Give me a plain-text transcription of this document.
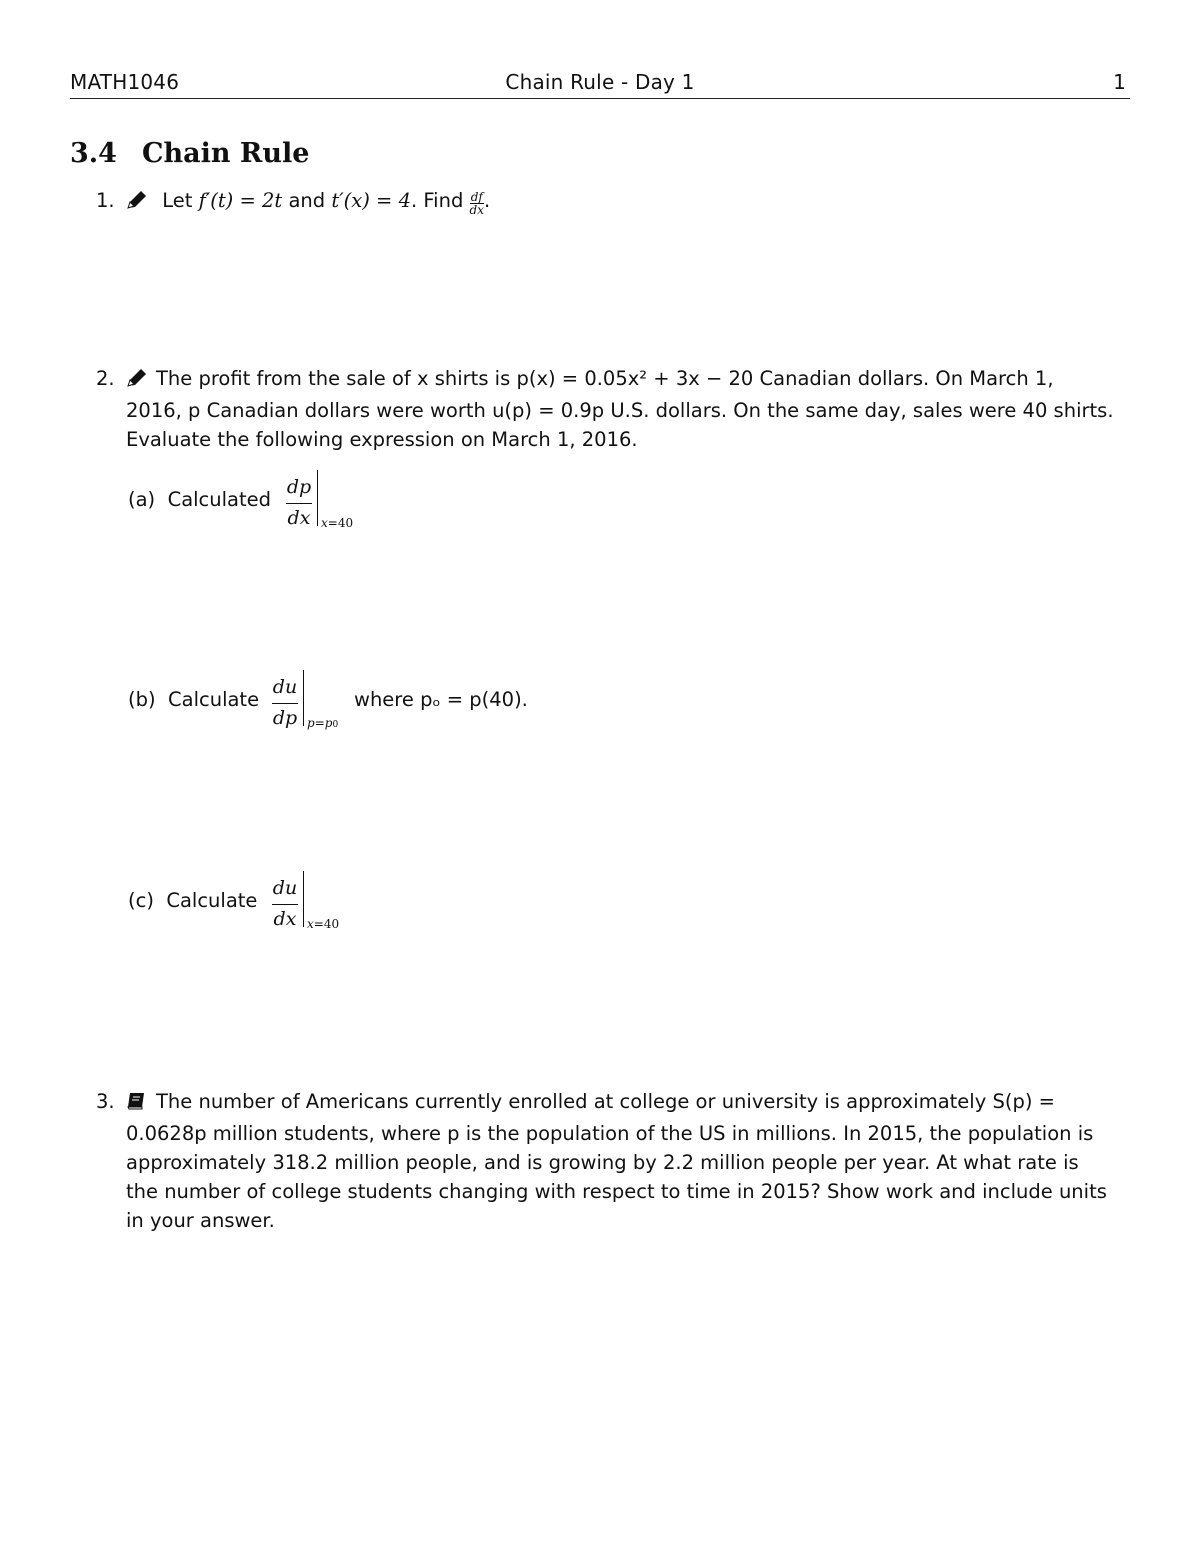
MATH1046	Chain Rule - Day 1	1
3.4 Chain Rule
1.	Let f′(t) = 2t and t′(x) = 4. Find $\frac{df}{dx}$ .
2.	The profit from the sale of x shirts is p(x) = 0.05x² + 3x − 20 Canadian dollars. On March 1,
2016, p Canadian dollars were worth u(p) = 0.9p U.S. dollars. On the same day, sales were 40 shirts.
Evaluate the following expression on March 1, 2016.
(a) Calculated
dp
dx x=40
(b) Calculate
du
dp p=p0
where pₒ = p(40).
(c) Calculate
du
dx x=40
3.	The number of Americans currently enrolled at college or university is approximately S(p) =
0.0628p million students, where p is the population of the US in millions. In 2015, the population is
approximately 318.2 million people, and is growing by 2.2 million people per year. At what rate is
the number of college students changing with respect to time in 2015? Show work and include units
in your answer.
